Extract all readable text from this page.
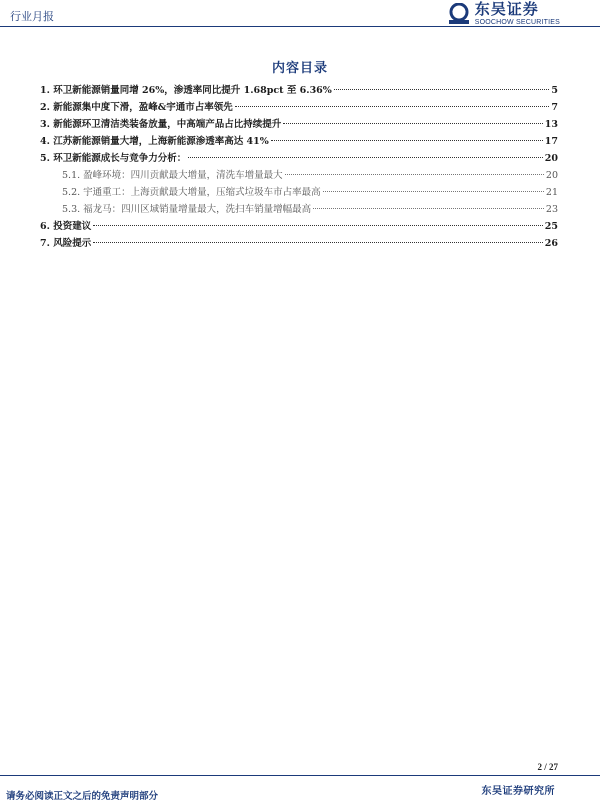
行业月报	东吴证券
SOOCHOW SECURITIES
内容目录
1. 环卫新能源销量同增 26%，渗透率同比提升 1.68pct 至 6.36%	5
2. 新能源集中度下滑，盈峰&宇通市占率领先	7
3. 新能源环卫清洁类装备放量，中高端产品占比持续提升	13
4. 江苏新能源销量大增，上海新能源渗透率高达 41%	17
5. 环卫新能源成长与竞争力分析：	20
5.1. 盈峰环境：四川贡献最大增量，清洗车增量最大	20
5.2. 宇通重工：上海贡献最大增量，压缩式垃圾车市占率最高	21
5.3. 福龙马：四川区域销量增量最大，洗扫车销量增幅最高	23
6. 投资建议	25
7. 风险提示	26
2 / 27
请务必阅读正文之后的免责声明部分	东吴证券研究所
